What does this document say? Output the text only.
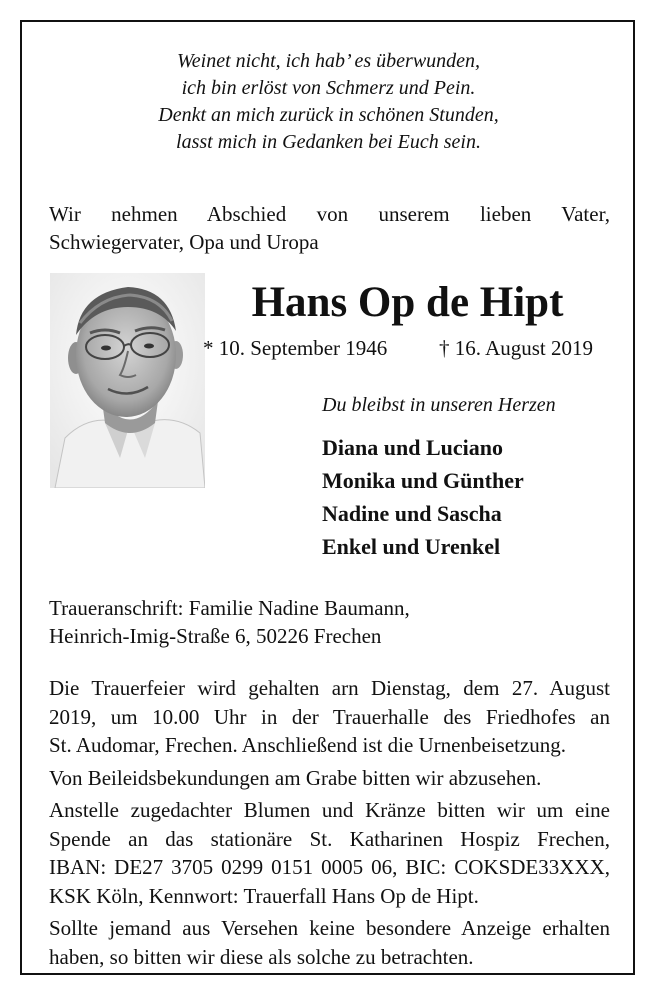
Weinet nicht, ich hab’ es überwunden,
ich bin erlöst von Schmerz und Pein.
Denkt an mich zurück in schönen Stunden,
lasst mich in Gedanken bei Euch sein.
Wir nehmen Abschied von unserem lieben Vater,
Schwiegervater, Opa und Uropa
Hans Op de Hipt
* 10. September 1946 † 16. August 2019
Du bleibst in unseren Herzen
Diana und Luciano
Monika und Günther
Nadine und Sascha
Enkel und Urenkel
Traueranschrift: Familie Nadine Baumann,
Heinrich-Imig-Straße 6, 50226 Frechen
Die Trauerfeier wird gehalten arn Dienstag, dem 27. August
2019, um 10.00 Uhr in der Trauerhalle des Friedhofes an
St. Audomar, Frechen. Anschließend ist die Urnenbeisetzung.
Von Beileidsbekundungen am Grabe bitten wir abzusehen.
Anstelle zugedachter Blumen und Kränze bitten wir um eine
Spende an das stationäre St. Katharinen Hospiz Frechen,
IBAN: DE27 3705 0299 0151 0005 06, BIC: COKSDE33XXX,
KSK Köln, Kennwort: Trauerfall Hans Op de Hipt.
Sollte jemand aus Versehen keine besondere Anzeige erhalten
haben, so bitten wir diese als solche zu betrachten.
